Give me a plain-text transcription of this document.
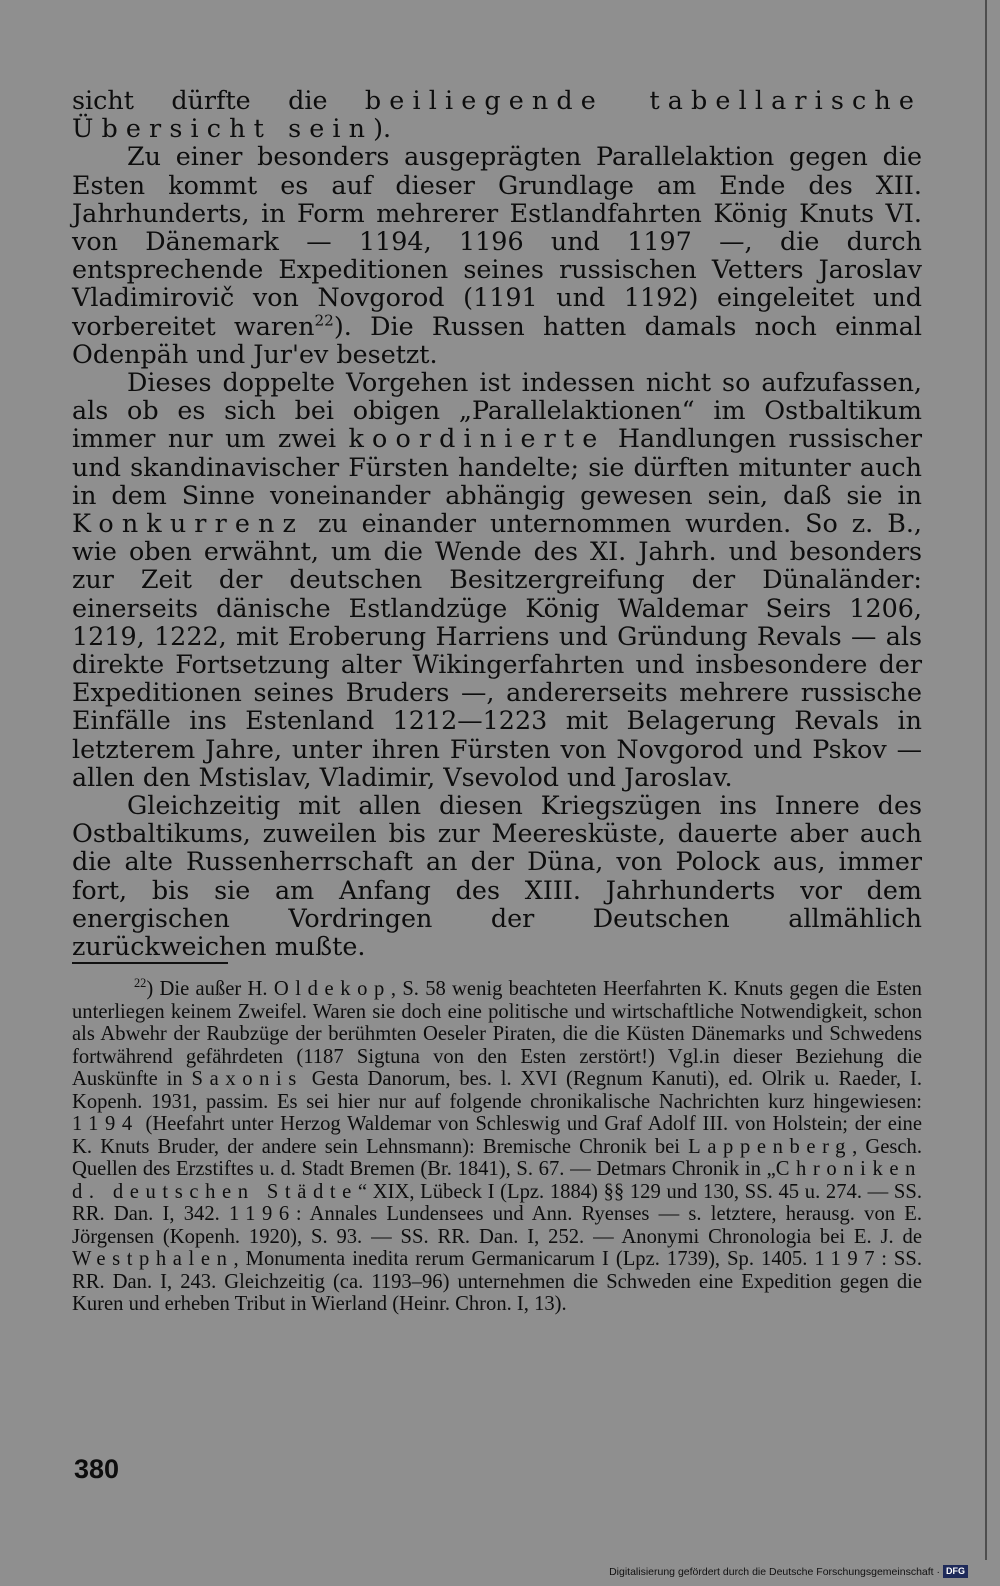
sicht dürfte die beiliegende tabellarische Übersicht sein).

Zu einer besonders ausgeprägten Parallelaktion gegen die Esten kommt es auf dieser Grundlage am Ende des XII. Jahrhunderts, in Form mehrerer Estlandfahrten König Knuts VI. von Dänemark — 1194, 1196 und 1197 —, die durch entsprechende Expeditionen seines russischen Vetters Jaroslav Vladimirovič von Novgorod (1191 und 1192) eingeleitet und vorbereitet waren$^{22}$). Die Russen hatten damals noch einmal Odenpäh und Jur'ev besetzt.

Dieses doppelte Vorgehen ist indessen nicht so aufzufassen, als ob es sich bei obigen „Parallelaktionen“ im Ostbaltikum immer nur um zwei koordinierte Handlungen russischer und skandinavischer Fürsten handelte; sie dürften mitunter auch in dem Sinne voneinander abhängig gewesen sein, daß sie in Konkurrenz zu einander unternommen wurden. So z. B., wie oben erwähnt, um die Wende des XI. Jahrh. und besonders zur Zeit der deutschen Besitzergreifung der Dünaländer: einerseits dänische Estlandzüge König Waldemar Seirs 1206, 1219, 1222, mit Eroberung Harriens und Gründung Revals — als direkte Fortsetzung alter Wikingerfahrten und insbesondere der Expeditionen seines Bruders —, andererseits mehrere russische Einfälle ins Estenland 1212—1223 mit Belagerung Revals in letzterem Jahre, unter ihren Fürsten von Novgorod und Pskov — allen den Mstislav, Vladimir, Vsevolod und Jaroslav.

Gleichzeitig mit allen diesen Kriegszügen ins Innere des Ostbaltikums, zuweilen bis zur Meeresküste, dauerte aber auch die alte Russenherrschaft an der Düna, von Polock aus, immer fort, bis sie am Anfang des XIII. Jahrhunderts vor dem energischen Vordringen der Deutschen allmählich zurückweichen mußte.

$^{22}$) Die außer H. Oldekop, S. 58 wenig beachteten Heerfahrten K. Knuts gegen die Esten unterliegen keinem Zweifel. Waren sie doch eine politische und wirtschaftliche Notwendigkeit, schon als Abwehr der Raubzüge der berühmten Oeseler Piraten, die die Küsten Dänemarks und Schwedens fortwährend gefährdeten (1187 Sigtuna von den Esten zerstört!) Vgl.in dieser Beziehung die Auskünfte in Saxonis Gesta Danorum, bes. l. XVI (Regnum Kanuti), ed. Olrik u. Raeder, I. Kopenh. 1931, passim. Es sei hier nur auf folgende chronikalische Nachrichten kurz hingewiesen: 1194 (Heefahrt unter Herzog Waldemar von Schleswig und Graf Adolf III. von Holstein; der eine K. Knuts Bruder, der andere sein Lehnsmann): Bremische Chronik bei Lappenberg, Gesch. Quellen des Erzstiftes u. d. Stadt Bremen (Br. 1841), S. 67. — Detmars Chronik in „Chroniken d. deutschen Städte“ XIX, Lübeck I (Lpz. 1884) §§ 129 und 130, SS. 45 u. 274. — SS. RR. Dan. I, 342. 1196: Annales Lundensees und Ann. Ryenses — s. letztere, herausg. von E. Jörgensen (Kopenh. 1920), S. 93. — SS. RR. Dan. I, 252. — Anonymi Chronologia bei E. J. de Westphalen, Monumenta inedita rerum Germanicarum I (Lpz. 1739), Sp. 1405. 1197: SS. RR. Dan. I, 243. Gleichzeitig (ca. 1193–96) unternehmen die Schweden eine Expedition gegen die Kuren und erheben Tribut in Wierland (Heinr. Chron. I, 13).

380
Digitalisierung gefördert durch die Deutsche Forschungsgemeinschaft · DFG
